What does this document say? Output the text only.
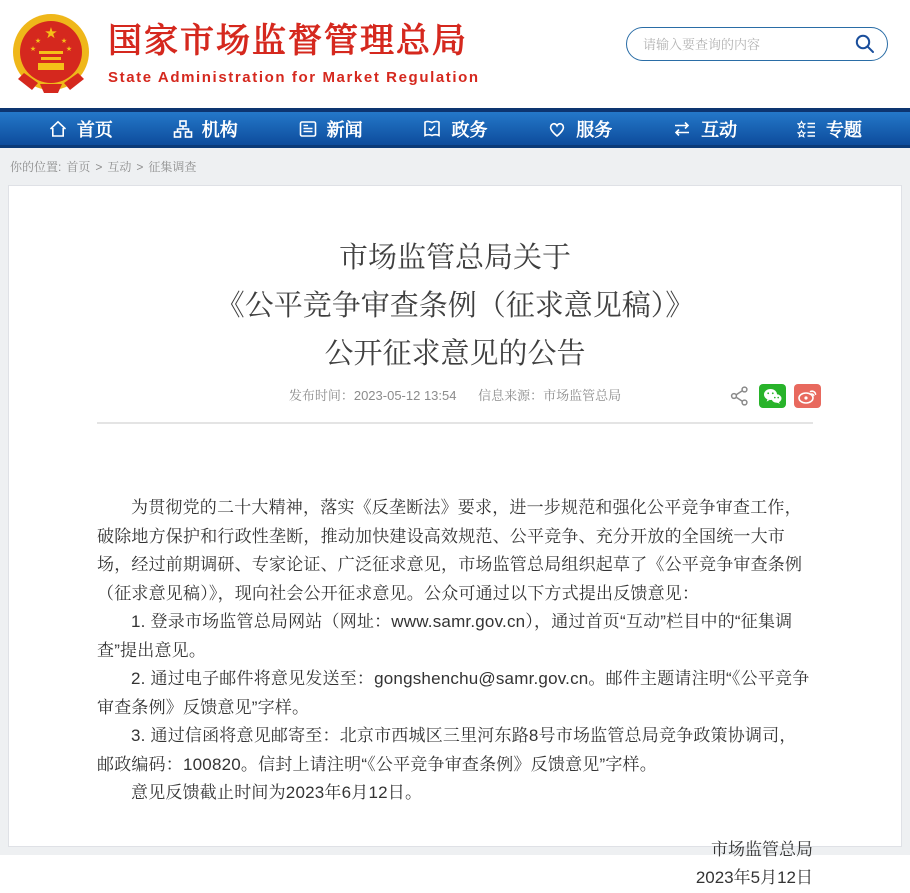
★
★	★
★	★ 国家市场监督管理总局
State Administration for Market Regulation
请输入要查询的内容
首页	机构	新闻	政务	服务	互动	专题
你的位置: 首页 > 互动 > 征集调查
市场监管总局关于
《公平竞争审查条例（征求意见稿）》
公开征求意见的公告
发布时间：2023-05-12 13:54 信息来源：市场监管总局

为贯彻党的二十大精神，落实《反垄断法》要求，进一步规范和强化公平竞争审查工作，破除地方保护和行政性垄断，推动加快建设高效规范、公平竞争、充分开放的全国统一大市场，经过前期调研、专家论证、广泛征求意见，市场监管总局组织起草了《公平竞争审查条例（征求意见稿）》，现向社会公开征求意见。公众可通过以下方式提出反馈意见：

1. 登录市场监管总局网站（网址：www.samr.gov.cn），通过首页“互动”栏目中的“征集调查”提出意见。

2. 通过电子邮件将意见发送至：gongshenchu@samr.gov.cn。邮件主题请注明“《公平竞争审查条例》反馈意见”字样。

3. 通过信函将意见邮寄至：北京市西城区三里河东路8号市场监管总局竞争政策协调司，邮政编码：100820。信封上请注明“《公平竞争审查条例》反馈意见”字样。

意见反馈截止时间为2023年6月12日。

市场监管总局
2023年5月12日
